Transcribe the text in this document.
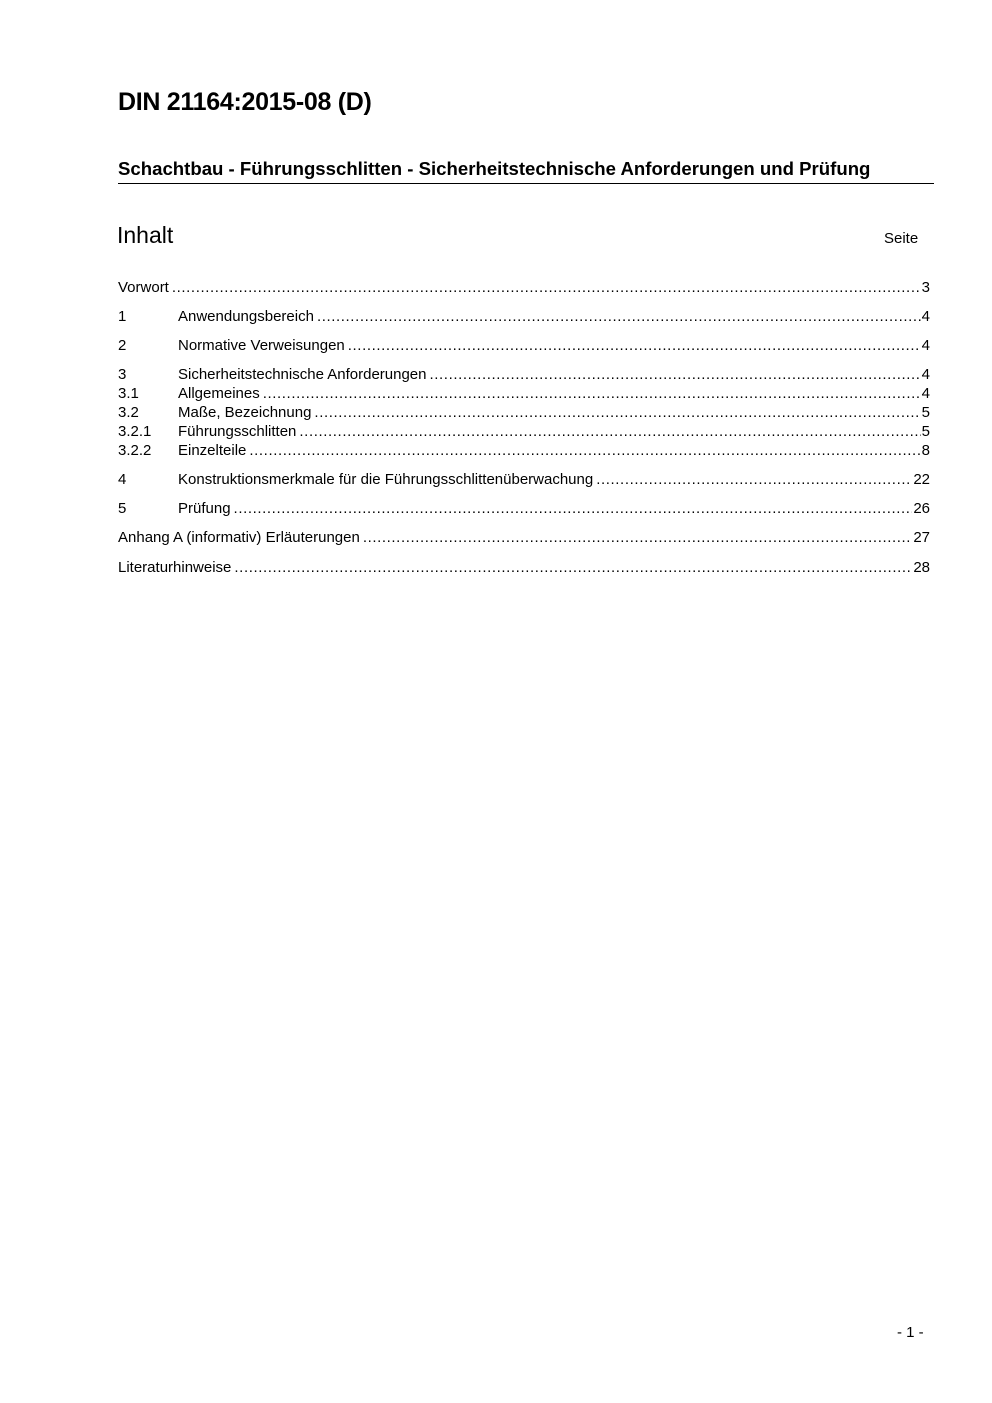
DIN 21164:2015-08 (D)
Schachtbau - Führungsschlitten - Sicherheitstechnische Anforderungen und Prüfung
Inhalt	Seite
Vorwort .....	3
1	Anwendungsbereich .....	4
2	Normative Verweisungen .....	4
3	Sicherheitstechnische Anforderungen .....	4
3.1	Allgemeines .....	4
3.2	Maße, Bezeichnung .....	5
3.2.1	Führungsschlitten .....	5
3.2.2	Einzelteile .....	8
4	Konstruktionsmerkmale für die Führungsschlittenüberwachung .....	22
5	Prüfung .....	26
Anhang A (informativ) Erläuterungen .....	27
Literaturhinweise .....	28
- 1 -
